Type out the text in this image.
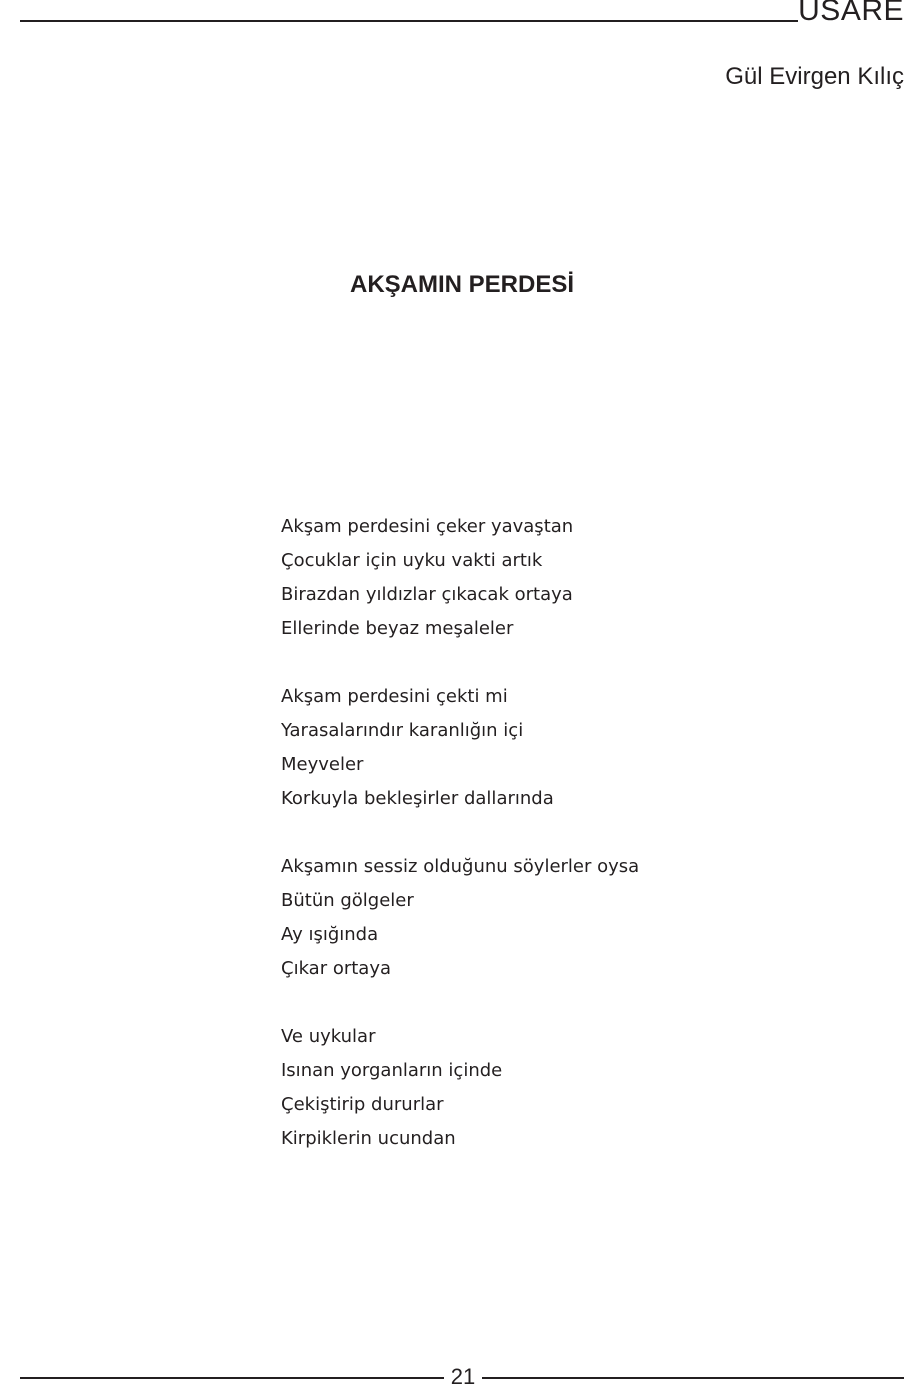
USARE
Gül Evirgen Kılıç
AKŞAMIN PERDESİ
Akşam perdesini çeker yavaştan
Çocuklar için uyku vakti artık
Birazdan yıldızlar çıkacak ortaya
Ellerinde beyaz meşaleler
Akşam perdesini çekti mi
Yarasalarındır karanlığın içi
Meyveler
Korkuyla bekleşirler dallarında
Akşamın sessiz olduğunu söylerler oysa
Bütün gölgeler
Ay ışığında
Çıkar ortaya
Ve uykular
Isınan yorganların içinde
Çekiştirip dururlar
Kirpiklerin ucundan
21
